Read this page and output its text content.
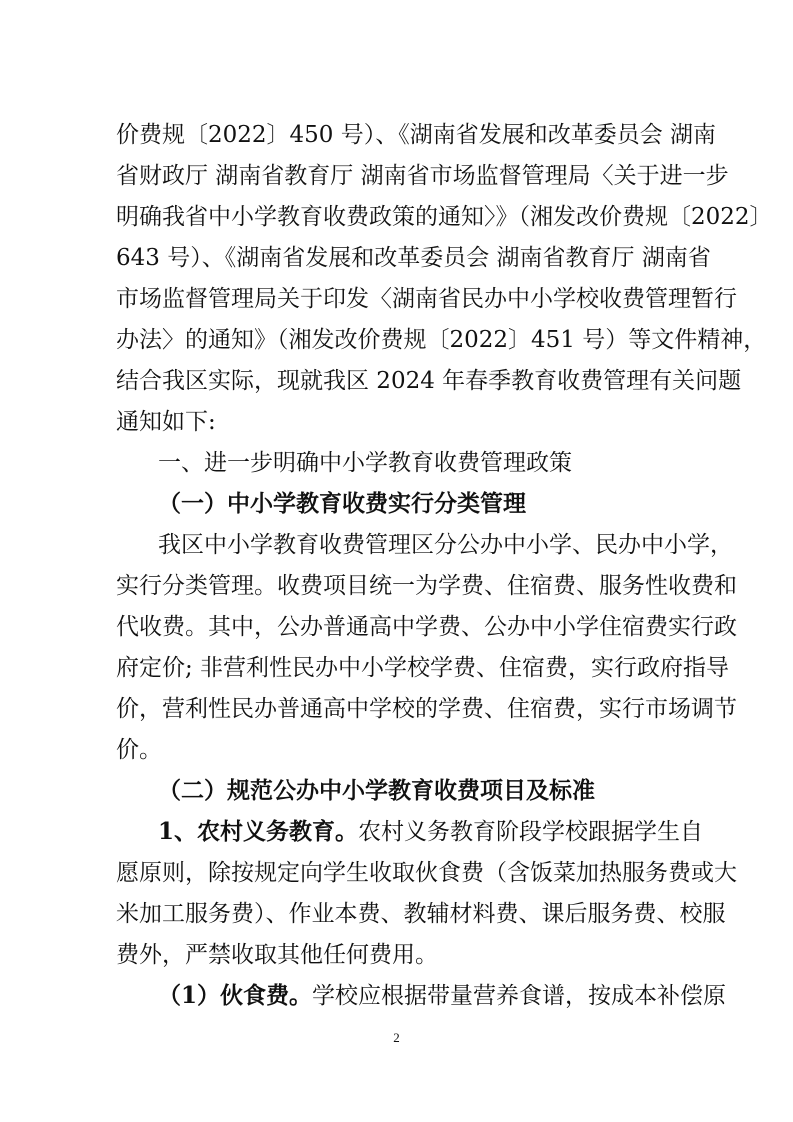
价费规〔2022〕450 号）、《湖南省发展和改革委员会 湖南
省财政厅 湖南省教育厅 湖南省市场监督管理局〈关于进一步
明确我省中小学教育收费政策的通知〉》（湘发改价费规〔2022〕
643 号）、《湖南省发展和改革委员会 湖南省教育厅 湖南省
市场监督管理局关于印发〈湖南省民办中小学校收费管理暂行
办法〉的通知》（湘发改价费规〔2022〕451 号）等文件精神，
结合我区实际，现就我区 2024 年春季教育收费管理有关问题
通知如下:
一、进一步明确中小学教育收费管理政策
（一）中小学教育收费实行分类管理
我区中小学教育收费管理区分公办中小学、民办中小学，
实行分类管理。收费项目统一为学费、住宿费、服务性收费和
代收费。其中，公办普通高中学费、公办中小学住宿费实行政
府定价; 非营利性民办中小学校学费、住宿费，实行政府指导
价，营利性民办普通高中学校的学费、住宿费，实行市场调节
价。
（二）规范公办中小学教育收费项目及标准
1、农村义务教育。农村义务教育阶段学校跟据学生自
愿原则，除按规定向学生收取伙食费（含饭菜加热服务费或大
米加工服务费）、作业本费、教辅材料费、课后服务费、校服
费外，严禁收取其他任何费用。
（1）伙食费。学校应根据带量营养食谱，按成本补偿原
2
